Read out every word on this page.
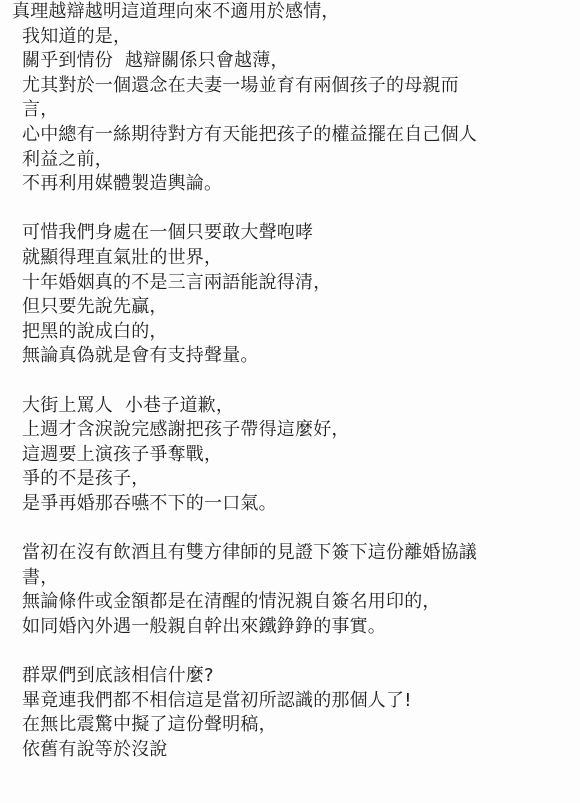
真理越辯越明這道理向來不適用於感情，
我知道的是，
關乎到情份  越辯關係只會越薄，
尤其對於一個還念在夫妻一場並育有兩個孩子的母親而
言，
心中總有一絲期待對方有天能把孩子的權益擺在自己個人
利益之前，
不再利用媒體製造輿論。
可惜我們身處在一個只要敢大聲咆哮
就顯得理直氣壯的世界，
十年婚姻真的不是三言兩語能說得清，
但只要先說先贏，
把黑的說成白的，
無論真偽就是會有支持聲量。
大街上罵人  小巷子道歉，
上週才含淚說完感謝把孩子帶得這麼好，
這週要上演孩子爭奪戰，
爭的不是孩子，
是爭再婚那吞嚥不下的一口氣。
當初在沒有飲酒且有雙方律師的見證下簽下這份離婚協議
書，
無論條件或金額都是在清醒的情況親自簽名用印的，
如同婚內外遇一般親自幹出來鐵錚錚的事實。
群眾們到底該相信什麼?
畢竟連我們都不相信這是當初所認識的那個人了!
在無比震驚中擬了這份聲明稿，
依舊有說等於沒說
